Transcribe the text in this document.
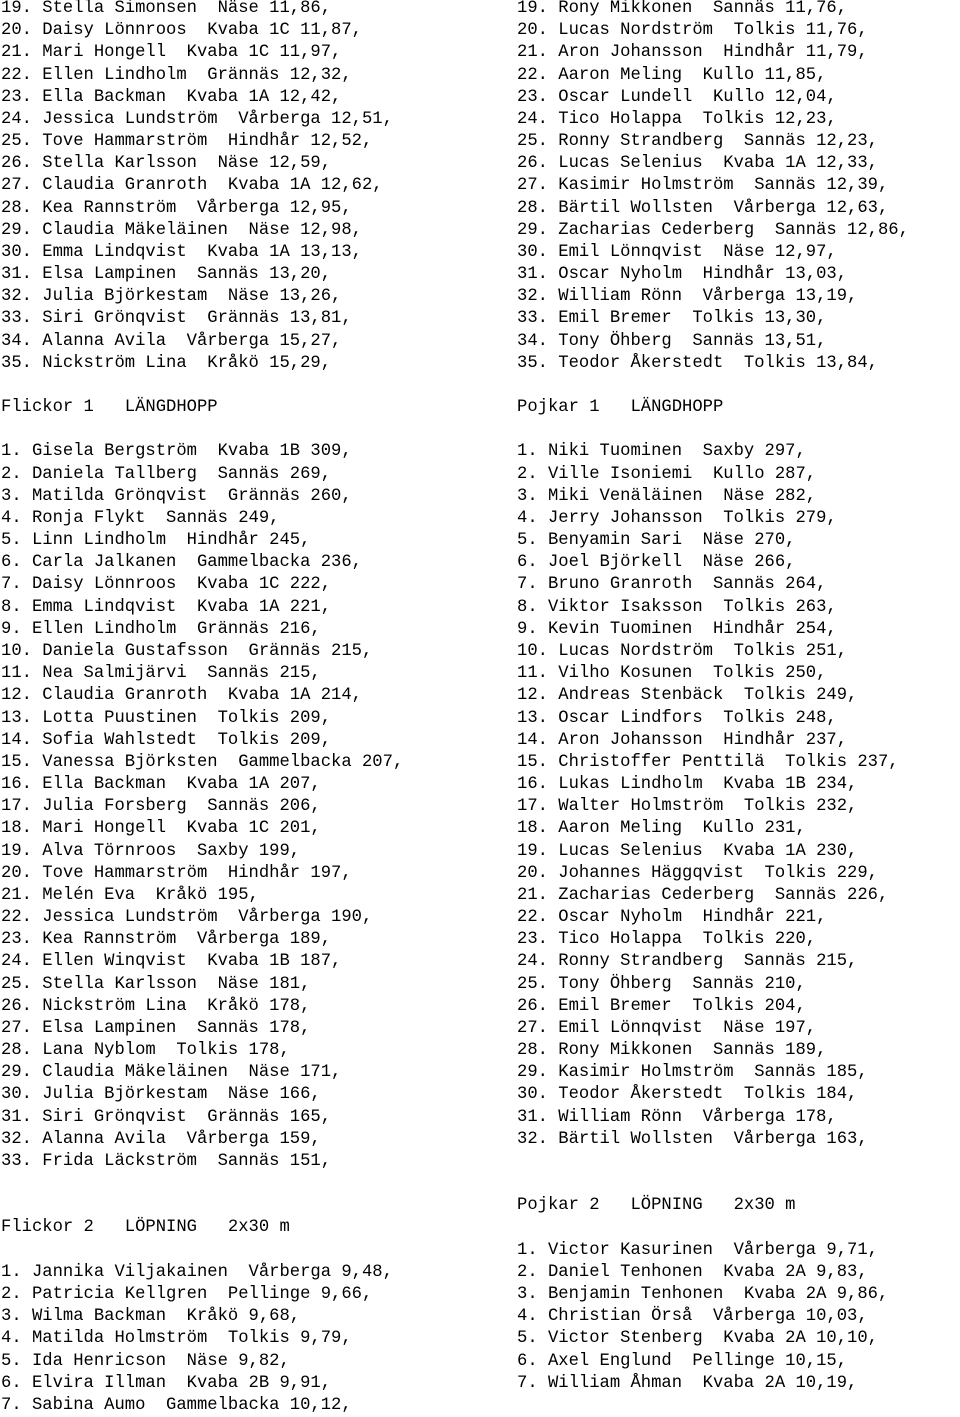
19. Stella Simonsen  Näse 11,86,
20. Daisy Lönnroos  Kvaba 1C 11,87,
21. Mari Hongell  Kvaba 1C 11,97,
22. Ellen Lindholm  Grännäs 12,32,
23. Ella Backman  Kvaba 1A 12,42,
24. Jessica Lundström  Vårberga 12,51,
25. Tove Hammarström  Hindhår 12,52,
26. Stella Karlsson  Näse 12,59,
27. Claudia Granroth  Kvaba 1A 12,62,
28. Kea Rannström  Vårberga 12,95,
29. Claudia Mäkeläinen  Näse 12,98,
30. Emma Lindqvist  Kvaba 1A 13,13,
31. Elsa Lampinen  Sannäs 13,20,
32. Julia Björkestam  Näse 13,26,
33. Siri Grönqvist  Grännäs 13,81,
34. Alanna Avila  Vårberga 15,27,
35. Nickström Lina  Kråkö 15,29,
Flickor 1   LÄNGDHOPP
1. Gisela Bergström  Kvaba 1B 309,
2. Daniela Tallberg  Sannäs 269,
3. Matilda Grönqvist  Grännäs 260,
4. Ronja Flykt  Sannäs 249,
5. Linn Lindholm  Hindhår 245,
6. Carla Jalkanen  Gammelbacka 236,
7. Daisy Lönnroos  Kvaba 1C 222,
8. Emma Lindqvist  Kvaba 1A 221,
9. Ellen Lindholm  Grännäs 216,
10. Daniela Gustafsson  Grännäs 215,
11. Nea Salmijärvi  Sannäs 215,
12. Claudia Granroth  Kvaba 1A 214,
13. Lotta Puustinen  Tolkis 209,
14. Sofia Wahlstedt  Tolkis 209,
15. Vanessa Björksten  Gammelbacka 207,
16. Ella Backman  Kvaba 1A 207,
17. Julia Forsberg  Sannäs 206,
18. Mari Hongell  Kvaba 1C 201,
19. Alva Törnroos  Saxby 199,
20. Tove Hammarström  Hindhår 197,
21. Melén Eva  Kråkö 195,
22. Jessica Lundström  Vårberga 190,
23. Kea Rannström  Vårberga 189,
24. Ellen Winqvist  Kvaba 1B 187,
25. Stella Karlsson  Näse 181,
26. Nickström Lina  Kråkö 178,
27. Elsa Lampinen  Sannäs 178,
28. Lana Nyblom  Tolkis 178,
29. Claudia Mäkeläinen  Näse 171,
30. Julia Björkestam  Näse 166,
31. Siri Grönqvist  Grännäs 165,
32. Alanna Avila  Vårberga 159,
33. Frida Läckström  Sannäs 151,
Flickor 2   LÖPNING   2x30 m
1. Jannika Viljakainen  Vårberga 9,48,
2. Patricia Kellgren  Pellinge 9,66,
3. Wilma Backman  Kråkö 9,68,
4. Matilda Holmström  Tolkis 9,79,
5. Ida Henricson  Näse 9,82,
6. Elvira Illman  Kvaba 2B 9,91,
7. Sabina Aumo  Gammelbacka 10,12,
19. Rony Mikkonen  Sannäs 11,76,
20. Lucas Nordström  Tolkis 11,76,
21. Aron Johansson  Hindhår 11,79,
22. Aaron Meling  Kullo 11,85,
23. Oscar Lundell  Kullo 12,04,
24. Tico Holappa  Tolkis 12,23,
25. Ronny Strandberg  Sannäs 12,23,
26. Lucas Selenius  Kvaba 1A 12,33,
27. Kasimir Holmström  Sannäs 12,39,
28. Bärtil Wollsten  Vårberga 12,63,
29. Zacharias Cederberg  Sannäs 12,86,
30. Emil Lönnqvist  Näse 12,97,
31. Oscar Nyholm  Hindhår 13,03,
32. William Rönn  Vårberga 13,19,
33. Emil Bremer  Tolkis 13,30,
34. Tony Öhberg  Sannäs 13,51,
35. Teodor Åkerstedt  Tolkis 13,84,
Pojkar 1   LÄNGDHOPP
1. Niki Tuominen  Saxby 297,
2. Ville Isoniemi  Kullo 287,
3. Miki Venäläinen  Näse 282,
4. Jerry Johansson  Tolkis 279,
5. Benyamin Sari  Näse 270,
6. Joel Björkell  Näse 266,
7. Bruno Granroth  Sannäs 264,
8. Viktor Isaksson  Tolkis 263,
9. Kevin Tuominen  Hindhår 254,
10. Lucas Nordström  Tolkis 251,
11. Vilho Kosunen  Tolkis 250,
12. Andreas Stenbäck  Tolkis 249,
13. Oscar Lindfors  Tolkis 248,
14. Aron Johansson  Hindhår 237,
15. Christoffer Penttilä  Tolkis 237,
16. Lukas Lindholm  Kvaba 1B 234,
17. Walter Holmström  Tolkis 232,
18. Aaron Meling  Kullo 231,
19. Lucas Selenius  Kvaba 1A 230,
20. Johannes Häggqvist  Tolkis 229,
21. Zacharias Cederberg  Sannäs 226,
22. Oscar Nyholm  Hindhår 221,
23. Tico Holappa  Tolkis 220,
24. Ronny Strandberg  Sannäs 215,
25. Tony Öhberg  Sannäs 210,
26. Emil Bremer  Tolkis 204,
27. Emil Lönnqvist  Näse 197,
28. Rony Mikkonen  Sannäs 189,
29. Kasimir Holmström  Sannäs 185,
30. Teodor Åkerstedt  Tolkis 184,
31. William Rönn  Vårberga 178,
32. Bärtil Wollsten  Vårberga 163,
Pojkar 2   LÖPNING   2x30 m
1. Victor Kasurinen  Vårberga 9,71,
2. Daniel Tenhonen  Kvaba 2A 9,83,
3. Benjamin Tenhonen  Kvaba 2A 9,86,
4. Christian Örså  Vårberga 10,03,
5. Victor Stenberg  Kvaba 2A 10,10,
6. Axel Englund  Pellinge 10,15,
7. William Åhman  Kvaba 2A 10,19,
